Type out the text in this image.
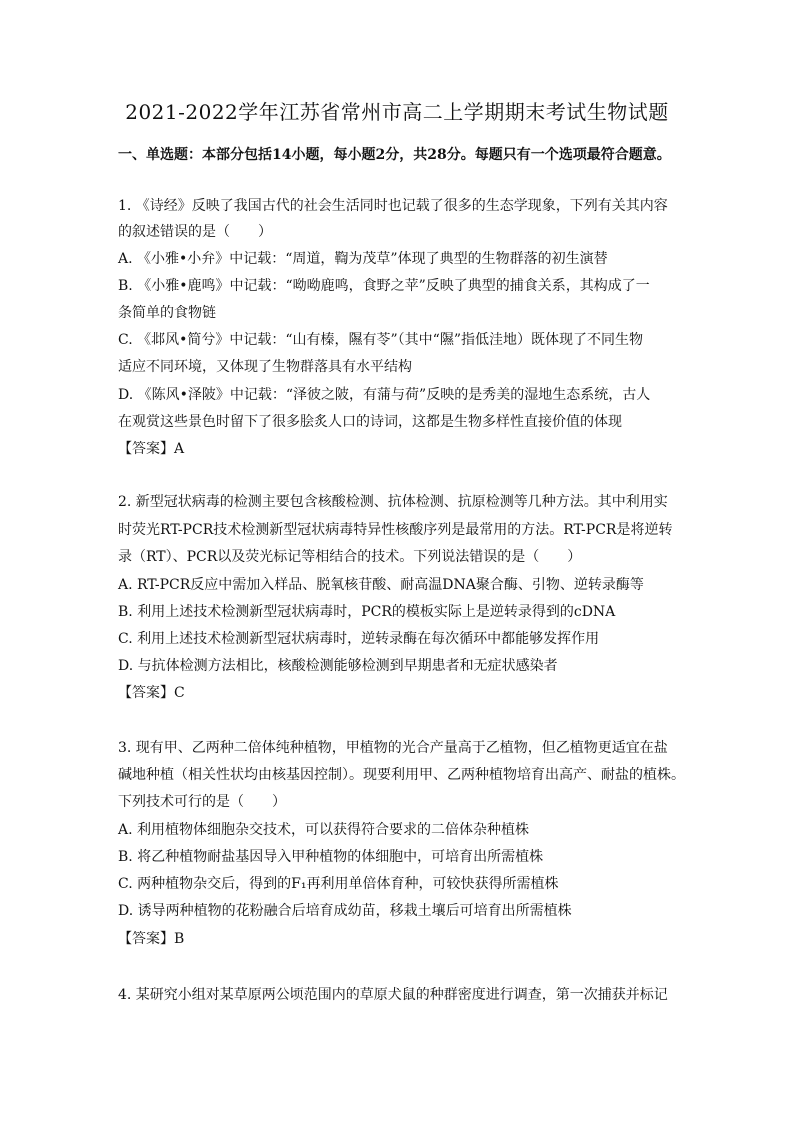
2021-2022学年江苏省常州市高二上学期期末考试生物试题
一、单选题：本部分包括14小题，每小题2分，共28分。每题只有一个选项最符合题意。
1. 《诗经》反映了我国古代的社会生活同时也记载了很多的生态学现象，下列有关其内容
的叙述错误的是（　　）
A. 《小雅•小弁》中记载：“周道，鞫为茂草”体现了典型的生物群落的初生演替
B. 《小雅•鹿鸣》中记载：“呦呦鹿鸣，食野之苹”反映了典型的捕食关系，其构成了一
条简单的食物链
C. 《邶风•简兮》中记载：“山有榛，隰有苓”（其中“隰”指低洼地）既体现了不同生物
适应不同环境，又体现了生物群落具有水平结构
D. 《陈风•泽陂》中记载：“泽彼之陂，有蒲与荷”反映的是秀美的湿地生态系统，古人
在观赏这些景色时留下了很多脍炙人口的诗词，这都是生物多样性直接价值的体现
【答案】A
2. 新型冠状病毒的检测主要包含核酸检测、抗体检测、抗原检测等几种方法。其中利用实
时荧光RT-PCR技术检测新型冠状病毒特异性核酸序列是最常用的方法。RT-PCR是将逆转
录（RT）、PCR以及荧光标记等相结合的技术。下列说法错误的是（　　）
A. RT-PCR反应中需加入样品、脱氧核苷酸、耐高温DNA聚合酶、引物、逆转录酶等
B. 利用上述技术检测新型冠状病毒时，PCR的模板实际上是逆转录得到的cDNA
C. 利用上述技术检测新型冠状病毒时，逆转录酶在每次循环中都能够发挥作用
D. 与抗体检测方法相比，核酸检测能够检测到早期患者和无症状感染者
【答案】C
3. 现有甲、乙两种二倍体纯种植物，甲植物的光合产量高于乙植物，但乙植物更适宜在盐
碱地种植（相关性状均由核基因控制）。现要利用甲、乙两种植物培育出高产、耐盐的植株。
下列技术可行的是（　　）
A. 利用植物体细胞杂交技术，可以获得符合要求的二倍体杂种植株
B. 将乙种植物耐盐基因导入甲种植物的体细胞中，可培育出所需植株
C. 两种植物杂交后，得到的F₁再利用单倍体育种，可较快获得所需植株
D. 诱导两种植物的花粉融合后培育成幼苗，移栽土壤后可培育出所需植株
【答案】B
4. 某研究小组对某草原两公顷范围内的草原犬鼠的种群密度进行调查，第一次捕获并标记
